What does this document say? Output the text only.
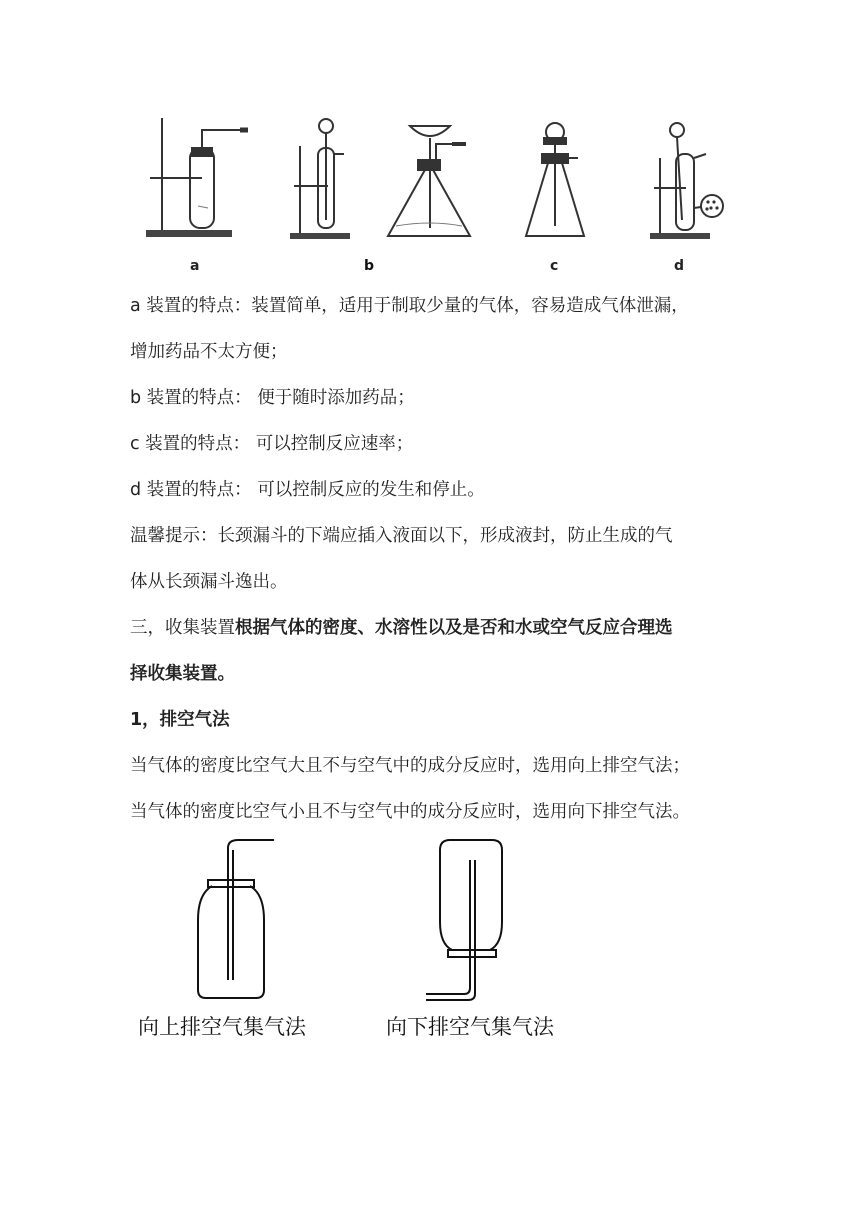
b
a	c	d
a 装置的特点：装置简单，适用于制取少量的气体，容易造成气体泄漏，
增加药品不太方便；
b 装置的特点： 便于随时添加药品；
c 装置的特点： 可以控制反应速率；
d 装置的特点： 可以控制反应的发生和停止。
温馨提示：长颈漏斗的下端应插入液面以下，形成液封，防止生成的气
体从长颈漏斗逸出。
三，收集装置根据气体的密度、水溶性以及是否和水或空气反应合理选
择收集装置。
1，排空气法
当气体的密度比空气大且不与空气中的成分反应时，选用向上排空气法；
当气体的密度比空气小且不与空气中的成分反应时，选用向下排空气法。
向上排空气集气法	向下排空气集气法
